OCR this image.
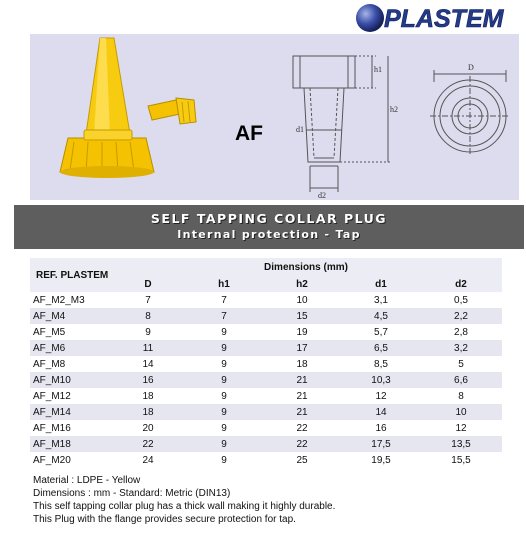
PLASTEM
AF
h1
h2
d1
d2
D
SELF TAPPING COLLAR PLUG
Internal protection - Tap
REF. PLASTEM	Dimensions (mm)				
	D	h1	h2	d1	d2
AF_M2_M3	7	7	10	3,1	0,5
AF_M4	8	7	15	4,5	2,2
AF_M5	9	9	19	5,7	2,8
AF_M6	11	9	17	6,5	3,2
AF_M8	14	9	18	8,5	5
AF_M10	16	9	21	10,3	6,6
AF_M12	18	9	21	12	8
AF_M14	18	9	21	14	10
AF_M16	20	9	22	16	12
AF_M18	22	9	22	17,5	13,5
AF_M20	24	9	25	19,5	15,5
Material : LDPE - Yellow
Dimensions : mm - Standard: Metric (DIN13)
This self tapping collar plug has a thick wall making it highly durable.
This Plug with the flange provides secure protection for tap.
